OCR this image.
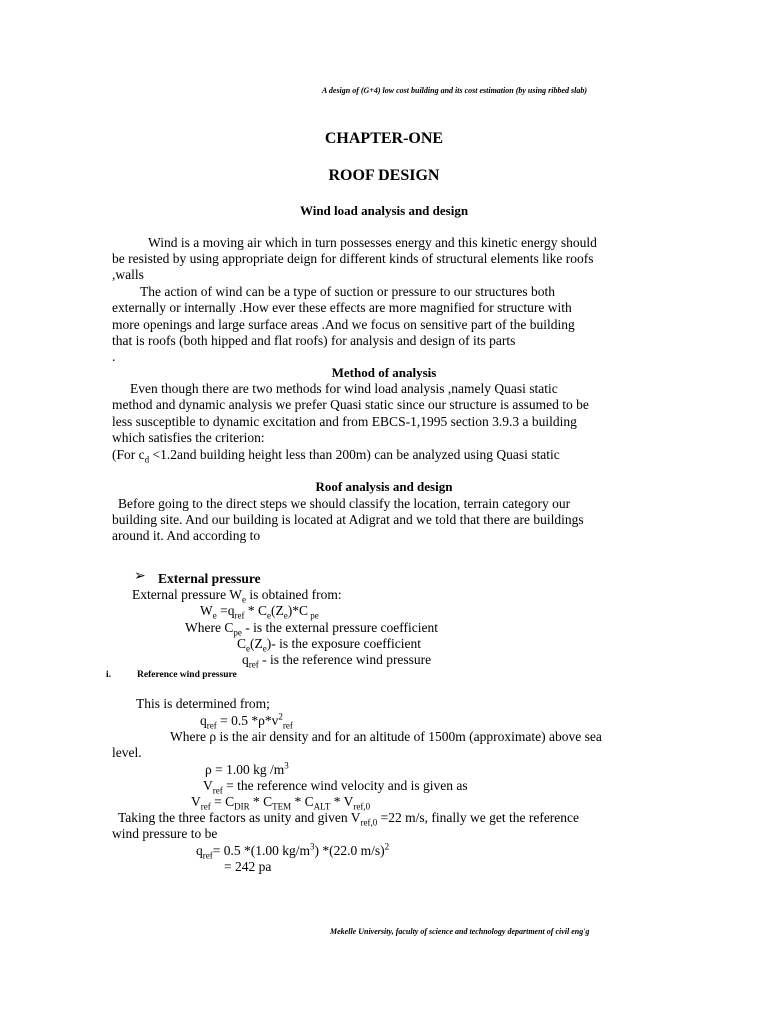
A design of (G+4) low cost building and its cost estimation (by using ribbed slab)
CHAPTER-ONE
ROOF DESIGN
Wind load analysis and design
Wind is a moving air which in turn possesses energy and this kinetic energy should
be resisted by using appropriate deign for different kinds of structural elements like roofs
,walls
The action of wind can be a type of suction or pressure to our structures both
externally or internally .How ever these effects are more magnified for structure with
more openings and large surface areas .And we focus on sensitive part of the building
that is roofs (both hipped and flat roofs) for analysis and design of its parts
.
Method of analysis
Even though there are two methods for wind load analysis ,namely Quasi static
method and dynamic analysis we prefer Quasi static since our structure is assumed to be
less susceptible to dynamic excitation and from EBCS-1,1995 section 3.9.3 a building
which satisfies the criterion:
(For $c_d <1.2and$ building height less than 200m) can be analyzed using Quasi static
Roof analysis and design
Before going to the direct steps we should classify the location, terrain category our
building site. And our building is located at Adigrat and we told that there are buildings
around it. And according to
➢ External pressure
External pressure $W_e$ is obtained from:
$W_e =q_{ref} * C_e(Z_e)*C$ $_{pe}$
Where $C_{pe}$ - is the external pressure coefficient
$C_e(Z_e)-$ is the exposure coefficient
$q_{ref}$ - is the reference wind pressure
i.	Reference wind pressure
This is determined from;
$q_{ref} = 0.5$ $*\rho*v^2_{ref}$
Where ρ is the air density and for an altitude of 1500m (approximate) above sea
level.
ρ = 1.00 kg $/m^3$
$V_{ref}$ = the reference wind velocity and is given as
$V_{ref} = C_{DIR} * C_{TEM} * C_{ALT} * V_{ref,0}$
Taking the three factors as unity and given $V_{ref,0} =22$ m/s, finally we get the reference
wind pressure to be
$q_{ref}= 0.5$ *(1.00 $kg/m^3$) *(22.0 m/s)$^2$
= 242 pa
Mekelle University, faculty of science and technology department of civil eng'g
